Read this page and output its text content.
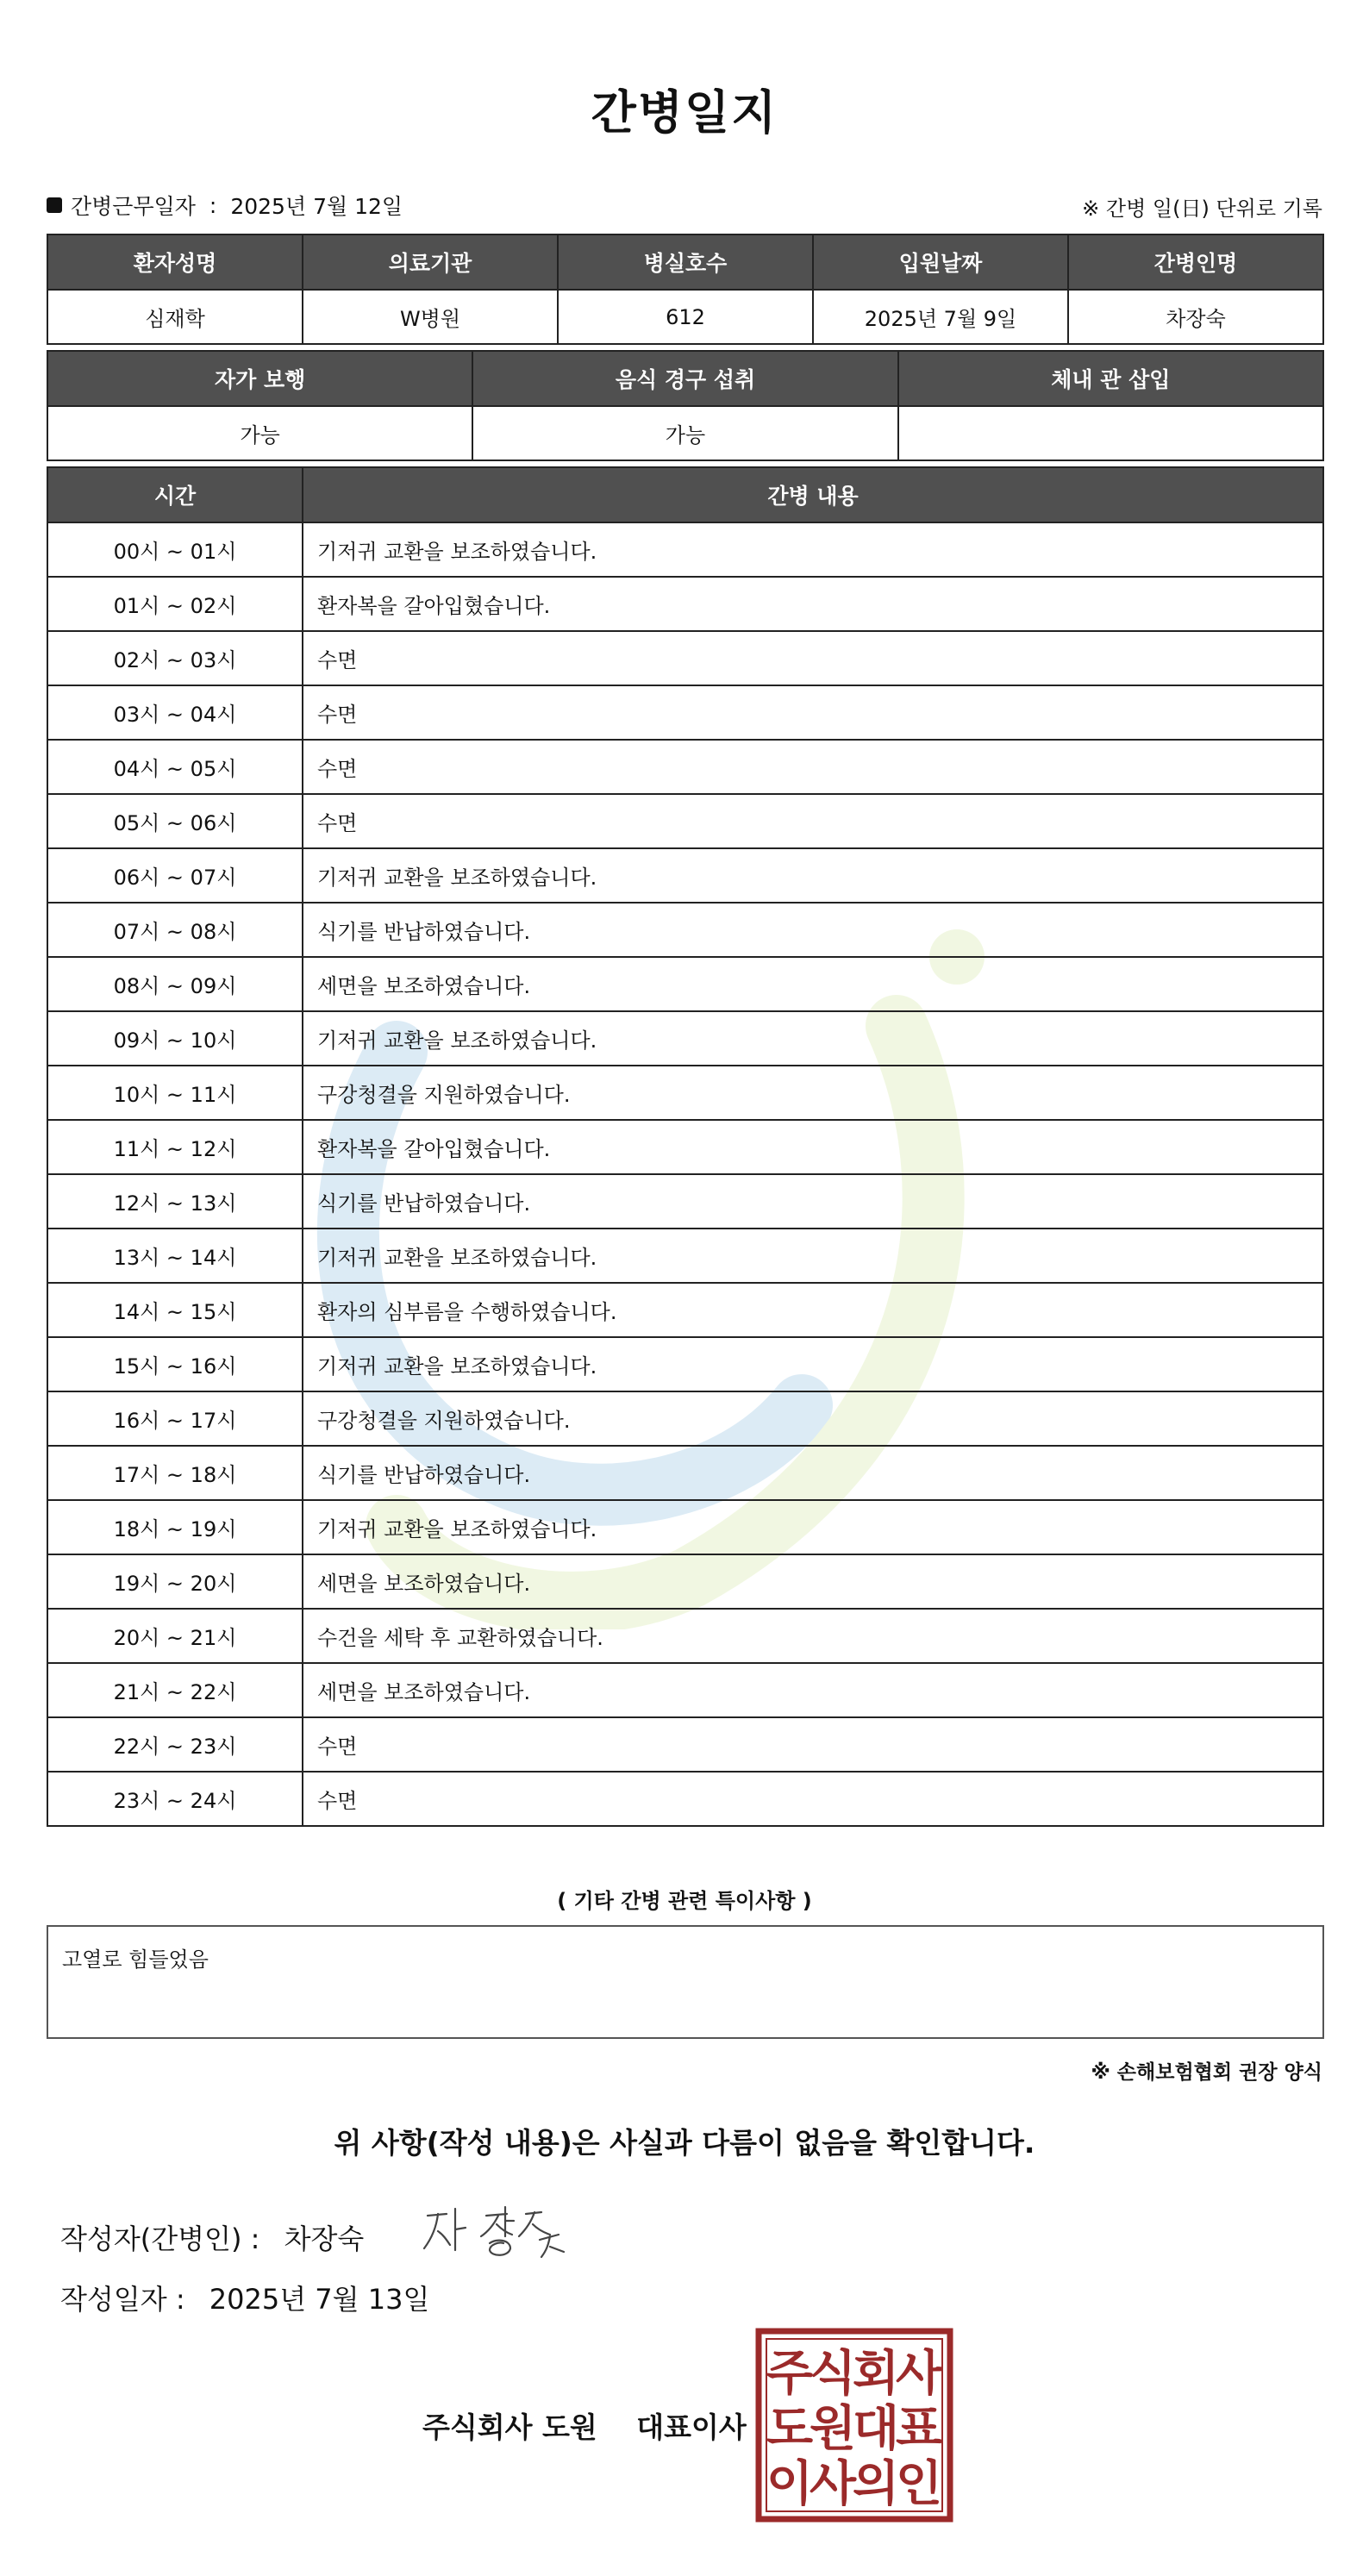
간병일지
간병근무일자 : 2025년 7월 12일	※ 간병 일(日) 단위로 기록
환자성명	의료기관	병실호수	입원날짜	간병인명
심재학	W병원	612	2025년 7월 9일	차장숙
자가 보행	음식 경구 섭취	체내 관 삽입
가능	가능	
시간	간병 내용
00시 ~ 01시	기저귀 교환을 보조하였습니다.
01시 ~ 02시	환자복을 갈아입혔습니다.
02시 ~ 03시	수면
03시 ~ 04시	수면
04시 ~ 05시	수면
05시 ~ 06시	수면
06시 ~ 07시	기저귀 교환을 보조하였습니다.
07시 ~ 08시	식기를 반납하였습니다.
08시 ~ 09시	세면을 보조하였습니다.
09시 ~ 10시	기저귀 교환을 보조하였습니다.
10시 ~ 11시	구강청결을 지원하였습니다.
11시 ~ 12시	환자복을 갈아입혔습니다.
12시 ~ 13시	식기를 반납하였습니다.
13시 ~ 14시	기저귀 교환을 보조하였습니다.
14시 ~ 15시	환자의 심부름을 수행하였습니다.
15시 ~ 16시	기저귀 교환을 보조하였습니다.
16시 ~ 17시	구강청결을 지원하였습니다.
17시 ~ 18시	식기를 반납하였습니다.
18시 ~ 19시	기저귀 교환을 보조하였습니다.
19시 ~ 20시	세면을 보조하였습니다.
20시 ~ 21시	수건을 세탁 후 교환하였습니다.
21시 ~ 22시	세면을 보조하였습니다.
22시 ~ 23시	수면
23시 ~ 24시	수면
( 기타 간병 관련 특이사항 )
고열로 힘들었음
※ 손해보험협회 권장 양식
위 사항(작성 내용)은 사실과 다름이 없음을 확인합니다.
작성자(간병인) : 차장숙
작성일자 : 2025년 7월 13일
주식회사 도원 대표이사
주
식
회
사
도
원
대
표
이
사
의
인
